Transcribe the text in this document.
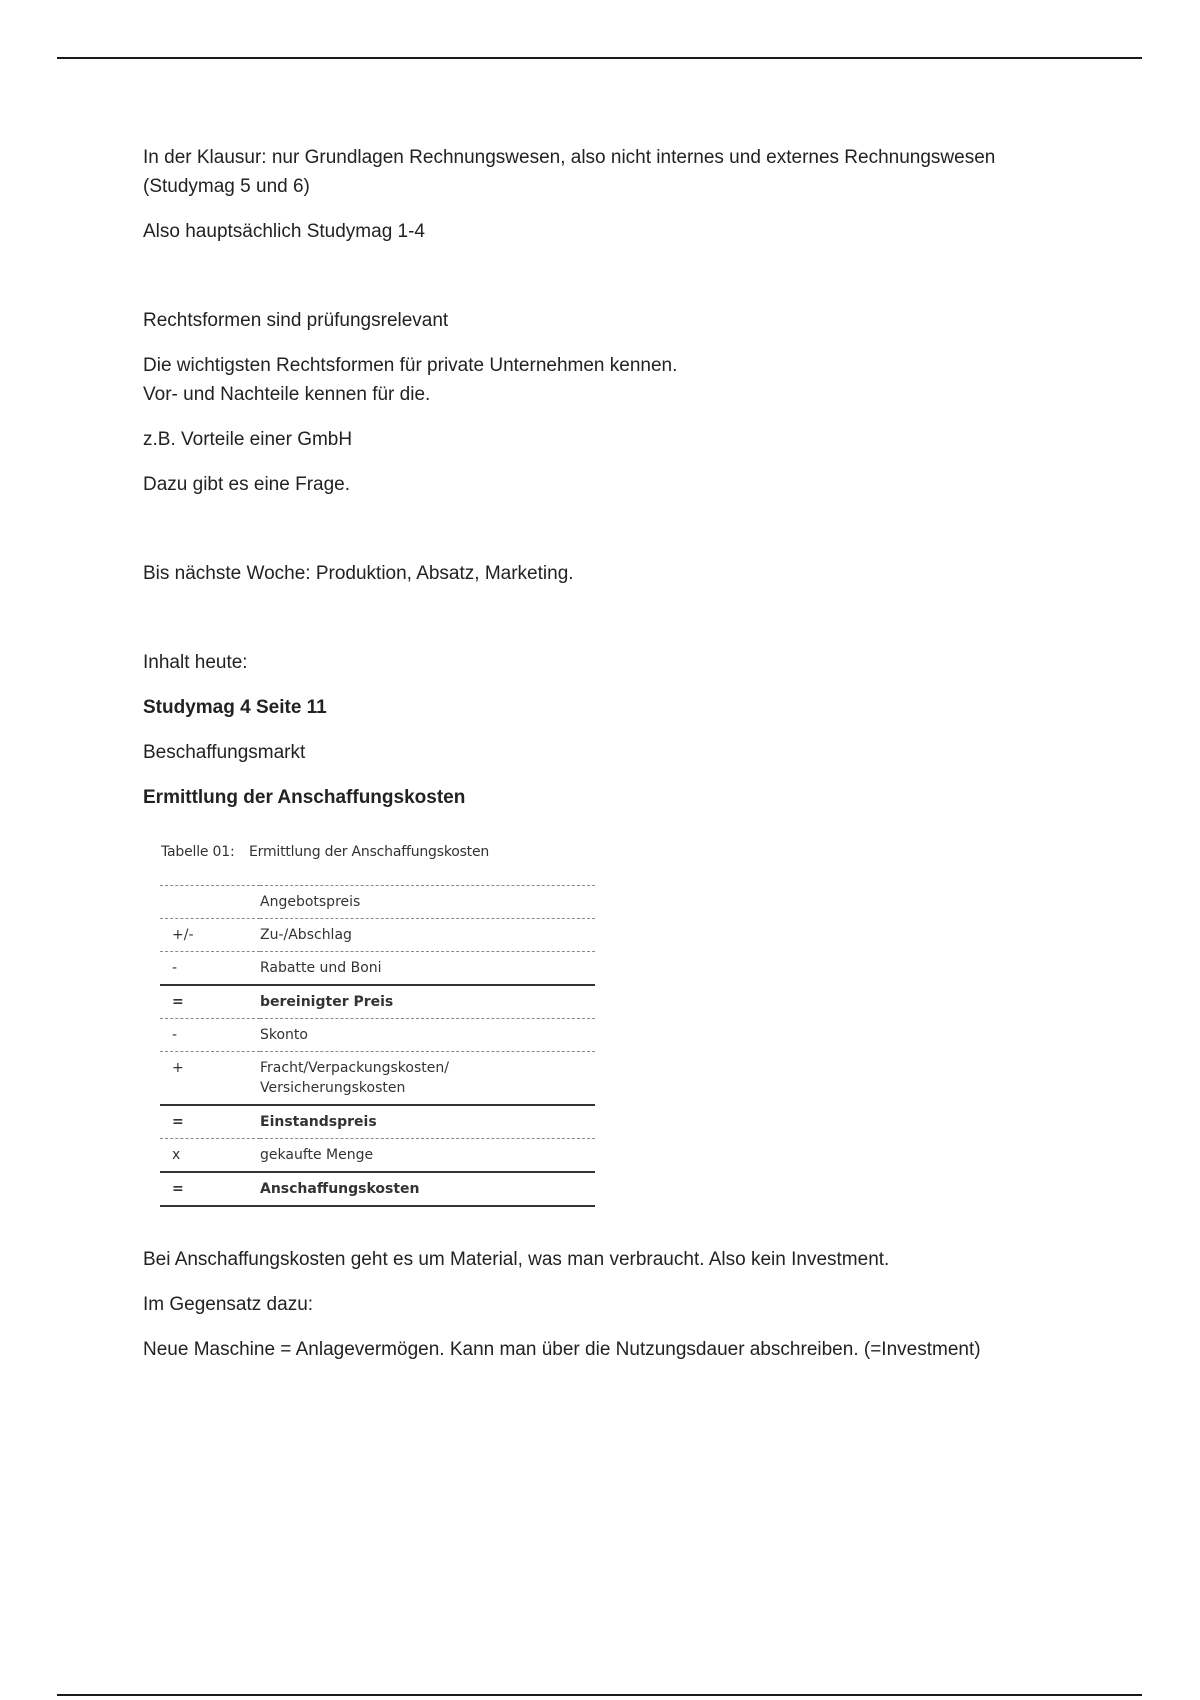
In der Klausur: nur Grundlagen Rechnungswesen, also nicht internes und externes Rechnungswesen
(Studymag 5 und 6)

Also hauptsächlich Studymag 1-4

Rechtsformen sind prüfungsrelevant

Die wichtigsten Rechtsformen für private Unternehmen kennen.
Vor- und Nachteile kennen für die.

z.B. Vorteile einer GmbH

Dazu gibt es eine Frage.

Bis nächste Woche: Produktion, Absatz, Marketing.

Inhalt heute:

Studymag 4 Seite 11

Beschaffungsmarkt

Ermittlung der Anschaffungskosten

Tabelle 01:	Ermittlung der Anschaffungskosten
	Angebotspreis
+/-	Zu-/Abschlag
-	Rabatte und Boni
=	bereinigter Preis
-	Skonto
+	Fracht/Verpackungskosten/
Versicherungskosten

=	Einstandspreis
x	gekaufte Menge
=	Anschaffungskosten

Bei Anschaffungskosten geht es um Material, was man verbraucht. Also kein Investment.

Im Gegensatz dazu:

Neue Maschine = Anlagevermögen. Kann man über die Nutzungsdauer abschreiben. (=Investment)
